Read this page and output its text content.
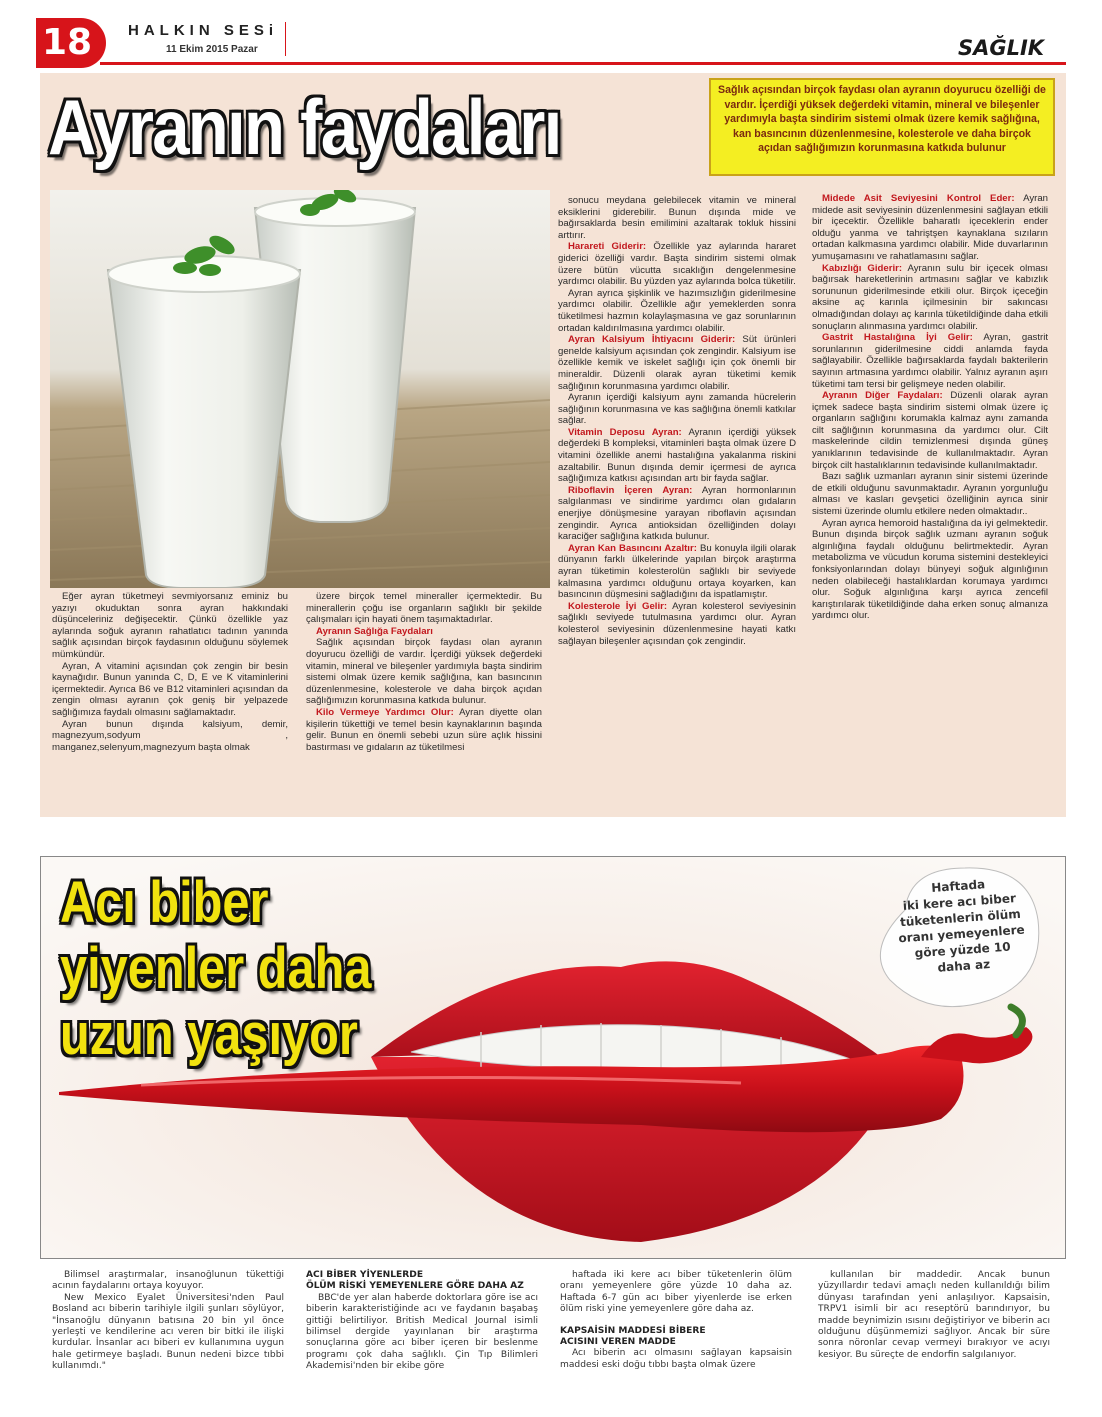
18	HALKIN SESi
11 Ekim 2015 Pazar	SAĞLIK
Ayranın faydaları	Sağlık açısından birçok faydası olan ayranın doyurucu özelliği de vardır. İçerdiği yüksek değerdeki vitamin, mineral ve bileşenler yardımıyla başta sindirim sistemi olmak üzere kemik sağlığına, kan basıncının düzenlenmesine, kolesterole ve daha birçok açıdan sağlığımızın korunmasına katkıda bulunur

Eğer ayran tüketmeyi sevmiyorsanız eminiz bu yazıyı okuduktan sonra ayran hakkındaki düşünceleriniz değişecektir. Çünkü özellikle yaz aylarında soğuk ayranın rahatlatıcı tadının yanında sağlık açısından birçok faydasının olduğunu söylemek mümkündür.

Ayran, A vitamini açısından çok zengin bir besin kaynağıdır. Bunun yanında C, D, E ve K vitaminlerini içermektedir. Ayrıca B6 ve B12 vitaminleri açısından da zengin olması ayranın çok geniş bir yelpazede sağlığımıza faydalı olmasını sağlamaktadır.

Ayran bunun dışında kalsiyum, demir, magnezyum,sodyum , manganez,selenyum,magnezyum başta olmak

üzere birçok temel mineraller içermektedir. Bu minerallerin çoğu ise organların sağlıklı bir şekilde çalışmaları için hayati önem taşımaktadırlar.

Ayranın Sağlığa Faydaları

Sağlık açısından birçok faydası olan ayranın doyurucu özelliği de vardır. İçerdiği yüksek değerdeki vitamin, mineral ve bileşenler yardımıyla başta sindirim sistemi olmak üzere kemik sağlığına, kan basıncının düzenlenmesine, kolesterole ve daha birçok açıdan sağlığımızın korunmasına katkıda bulunur.

Kilo Vermeye Yardımcı Olur: Ayran diyette olan kişilerin tükettiği ve temel besin kaynaklarının başında gelir. Bunun en önemli sebebi uzun süre açlık hissini bastırması ve gıdaların az tüketilmesi

sonucu meydana gelebilecek vitamin ve mineral eksiklerini giderebilir. Bunun dışında mide ve bağırsaklarda besin emilimini azaltarak tokluk hissini arttırır.

Harareti Giderir: Özellikle yaz aylarında hararet giderici özelliği vardır. Başta sindirim sistemi olmak üzere bütün vücutta sıcaklığın dengelenmesine yardımcı olabilir. Bu yüzden yaz aylarında bolca tüketilir.

Ayran ayrıca şişkinlik ve hazımsızlığın giderilmesine yardımcı olabilir. Özellikle ağır yemeklerden sonra tüketilmesi hazmın kolaylaşmasına ve gaz sorunlarının ortadan kaldırılmasına yardımcı olabilir.

Ayran Kalsiyum İhtiyacını Giderir: Süt ürünleri genelde kalsiyum açısından çok zengindir. Kalsiyum ise özellikle kemik ve iskelet sağlığı için çok önemli bir mineraldir. Düzenli olarak ayran tüketimi kemik sağlığının korunmasına yardımcı olabilir.

Ayranın içerdiği kalsiyum aynı zamanda hücrelerin sağlığının korunmasına ve kas sağlığına önemli katkılar sağlar.

Vitamin Deposu Ayran: Ayranın içerdiği yüksek değerdeki B kompleksi, vitaminleri başta olmak üzere D vitamini özellikle anemi hastalığına yakalanma riskini azaltabilir. Bunun dışında demir içermesi de ayrıca sağlığımıza katkısı açısından artı bir fayda sağlar.

Riboflavin İçeren Ayran: Ayran hormonlarının salgılanması ve sindirime yardımcı olan gıdaların enerjiye dönüşmesine yarayan riboflavin açısından zengindir. Ayrıca antioksidan özelliğinden dolayı karaciğer sağlığına katkıda bulunur.

Ayran Kan Basıncını Azaltır: Bu konuyla ilgili olarak dünyanın farklı ülkelerinde yapılan birçok araştırma ayran tüketimin kolesterolün sağlıklı bir seviyede kalmasına yardımcı olduğunu ortaya koyarken, kan basıncının düşmesini sağladığını da ispatlamıştır.

Kolesterole İyi Gelir: Ayran kolesterol seviyesinin sağlıklı seviyede tutulmasına yardımcı olur. Ayran kolesterol seviyesinin düzenlenmesine hayati katkı sağlayan bileşenler açısından çok zengindir.

Midede Asit Seviyesini Kontrol Eder: Ayran midede asit seviyesinin düzenlenmesini sağlayan etkili bir içecektir. Özellikle baharatlı içeceklerin ender olduğu yanma ve tahriştşen kaynaklana sızıların ortadan kalkmasına yardımcı olabilir. Mide duvarlarının yumuşamasını ve rahatlamasını sağlar.

Kabızlığı Giderir: Ayranın sulu bir içecek olması bağırsak hareketlerinin artmasını sağlar ve kabızlık sorununun giderilmesinde etkili olur. Birçok içeceğin aksine aç karınla içilmesinin bir sakıncası olmadığından dolayı aç karınla tüketildiğinde daha etkili sonuçların alınmasına yardımcı olabilir.

Gastrit Hastalığına İyi Gelir: Ayran, gastrit sorunlarının giderilmesine ciddi anlamda fayda sağlayabilir. Özellikle bağırsaklarda faydalı bakterilerin sayının artmasına yardımcı olabilir. Yalnız ayranın aşırı tüketimi tam tersi bir gelişmeye neden olabilir.

Ayranın Diğer Faydaları: Düzenli olarak ayran içmek sadece başta sindirim sistemi olmak üzere iç organların sağlığını korumakla kalmaz aynı zamanda cilt sağlığının korunmasına da yardımcı olur. Cilt maskelerinde cildin temizlenmesi dışında güneş yanıklarının tedavisinde de kullanılmaktadır. Ayran birçok cilt hastalıklarının tedavisinde kullanılmaktadır.

Bazı sağlık uzmanları ayranın sinir sistemi üzerinde de etkili olduğunu savunmaktadır. Ayranın yorgunluğu alması ve kasları gevşetici özelliğinin ayrıca sinir sistemi üzerinde olumlu etkilere neden olmaktadır..

Ayran ayrıca hemoroid hastalığına da iyi gelmektedir. Bunun dışında birçok sağlık uzmanı ayranın soğuk algınlığına faydalı olduğunu belirtmektedir. Ayran metabolizma ve vücudun koruma sistemini destekleyici fonksiyonlarından dolayı bünyeyi soğuk algınlığının neden olabileceği hastalıklardan korumaya yardımcı olur. Soğuk algınlığına karşı ayrıca zencefil karıştırılarak tüketildiğinde daha erken sonuç almanıza yardımcı olur.

Acı biber
yiyenler daha
uzun yaşıyor
Haftada
iki kere acı biber
tüketenlerin ölüm
oranı yemeyenlere
göre yüzde 10
daha az

Bilimsel araştırmalar, insanoğlunun tükettiği acının faydalarını ortaya koyuyor.

New Mexico Eyalet Üniversitesi'nden Paul Bosland acı biberin tarihiyle ilgili şunları söylüyor, "İnsanoğlu dünyanın batısına 20 bin yıl önce yerleşti ve kendilerine acı veren bir bitki ile ilişki kurdular. İnsanlar acı biberi ev kullanımına uygun hale getirmeye başladı. Bunun nedeni bizce tıbbi kullanımdı."

ACI BİBER YİYENLERDE

ÖLÜM RİSKİ YEMEYENLERE GÖRE DAHA AZ

BBC'de yer alan haberde doktorlara göre ise acı biberin karakteristiğinde acı ve faydanın başabaş gittiği belirtiliyor. British Medical Journal isimli bilimsel dergide yayınlanan bir araştırma sonuçlarına göre acı biber içeren bir beslenme programı çok daha sağlıklı. Çin Tıp Bilimleri Akademisi'nden bir ekibe göre

haftada iki kere acı biber tüketenlerin ölüm oranı yemeyenlere göre yüzde 10 daha az. Haftada 6-7 gün acı biber yiyenlerde ise erken ölüm riski yine yemeyenlere göre daha az.

KAPSAİSİN MADDESİ BİBERE

ACISINI VEREN MADDE

Acı biberin acı olmasını sağlayan kapsaisin maddesi eski doğu tıbbı başta olmak üzere

kullanılan bir maddedir. Ancak bunun yüzyıllardır tedavi amaçlı neden kullanıldığı bilim dünyası tarafından yeni anlaşılıyor. Kapsaisin, TRPV1 isimli bir acı reseptörü barındırıyor, bu madde beynimizin ısısını değiştiriyor ve biberin acı olduğunu düşünmemizi sağlıyor. Ancak bir süre sonra nöronlar cevap vermeyi bırakıyor ve acıyı kesiyor. Bu süreçte de endorfin salgılanıyor.
